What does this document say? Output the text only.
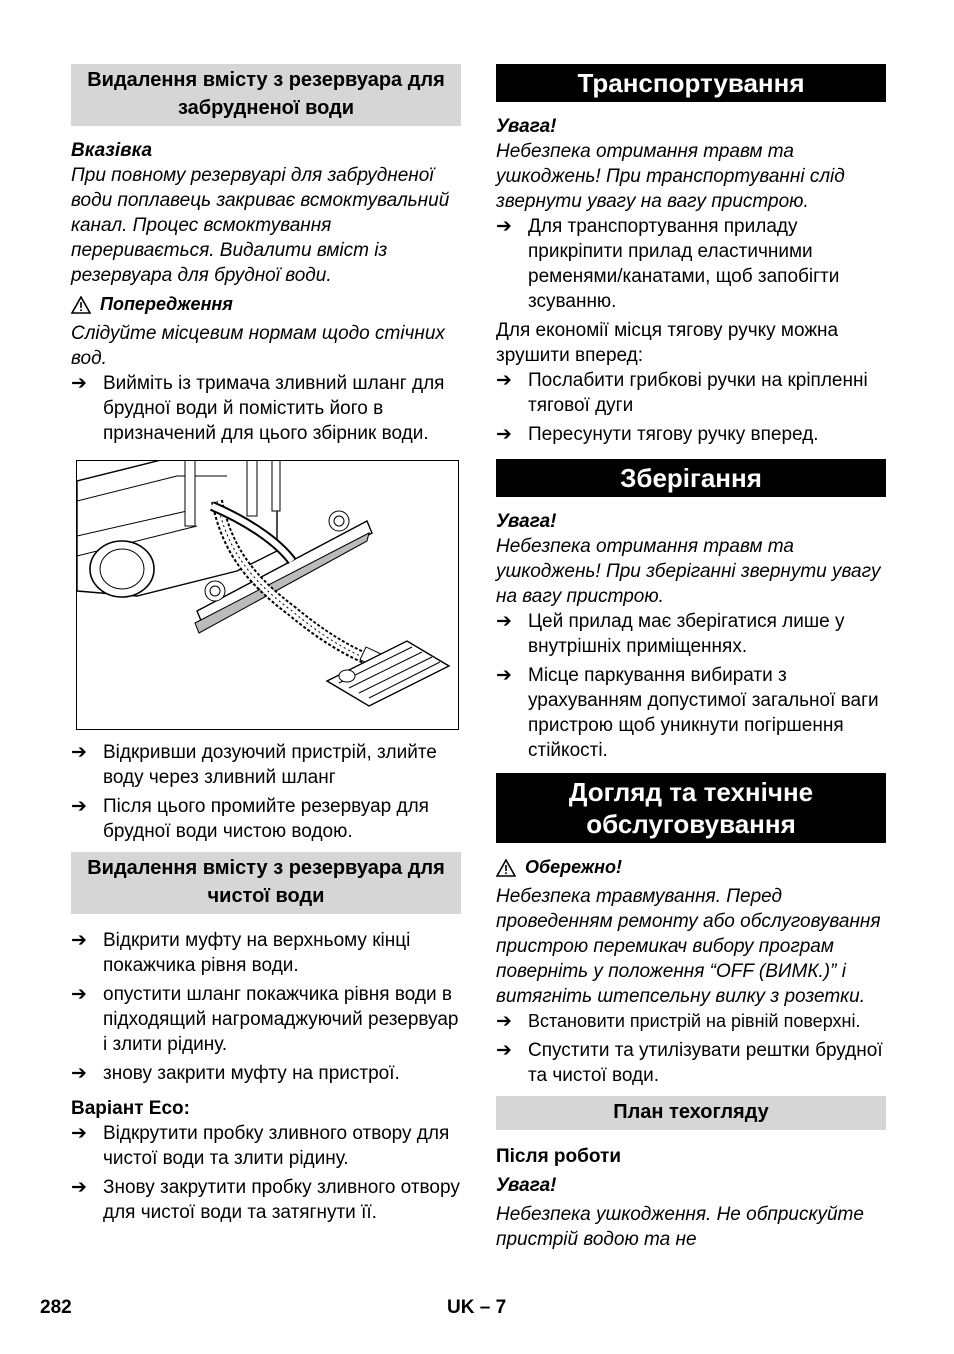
Видалення вмісту з резервуара для забрудненої води
Вказівка
При повному резервуарі для забрудненої води поплавець закриває всмоктувальний канал. Процес всмоктування переривається. Видалити вміст із резервуара для брудної води.
Попередження
Слідуйте місцевим нормам щодо стічних вод.
➔ Вийміть із тримача зливний шланг для брудної води й помістить його в призначений для цього збірник води.
➔ Відкривши дозуючий пристрій, злийте воду через зливний шланг
➔ Після цього промийте резервуар для брудної води чистою водою.
Видалення вмісту з резервуара для чистої води
➔ Відкрити муфту на верхньому кінці покажчика рівня води.
➔ опустити шланг покажчика рівня води в підходящий нагромаджуючий резервуар і злити рідину.
➔ знову закрити муфту на пристрої.
Варіант Eco:
➔ Відкрутити пробку зливного отвору для чистої води та злити рідину.
➔ Знову закрутити пробку зливного отвору для чистої води та затягнути її.
Транспортування
Увага!
Небезпека отримання травм та ушкоджень! При транспортуванні слід звернути увагу на вагу пристрою.
➔ Для транспортування приладу прикріпити прилад еластичними ременями/канатами, щоб запобігти зсуванню.
Для економії місця тягову ручку можна зрушити вперед:
➔ Послабити грибкові ручки на кріпленні тягової дуги
➔ Пересунути тягову ручку вперед.
Зберігання
Увага!
Небезпека отримання травм та ушкоджень! При зберіганні звернути увагу на вагу пристрою.
➔ Цей прилад має зберігатися лише у внутрішніх приміщеннях.
➔ Місце паркування вибирати з урахуванням допустимої загальної ваги пристрою щоб уникнути погіршення стійкості.
Догляд та технічне обслуговування
Обережно!
Небезпека травмування. Перед проведенням ремонту або обслуговування пристрою перемикач вибору програм поверніть у положення “OFF (ВИМК.)” і витягніть штепсельну вилку з розетки.
➔ Встановити пристрій на рівній поверхні.
➔ Спустити та утилізувати рештки брудної та чистої води.
План техогляду
Після роботи
Увага!
Небезпека ушкодження. Не обприскуйте пристрій водою та не
282	UK – 7
